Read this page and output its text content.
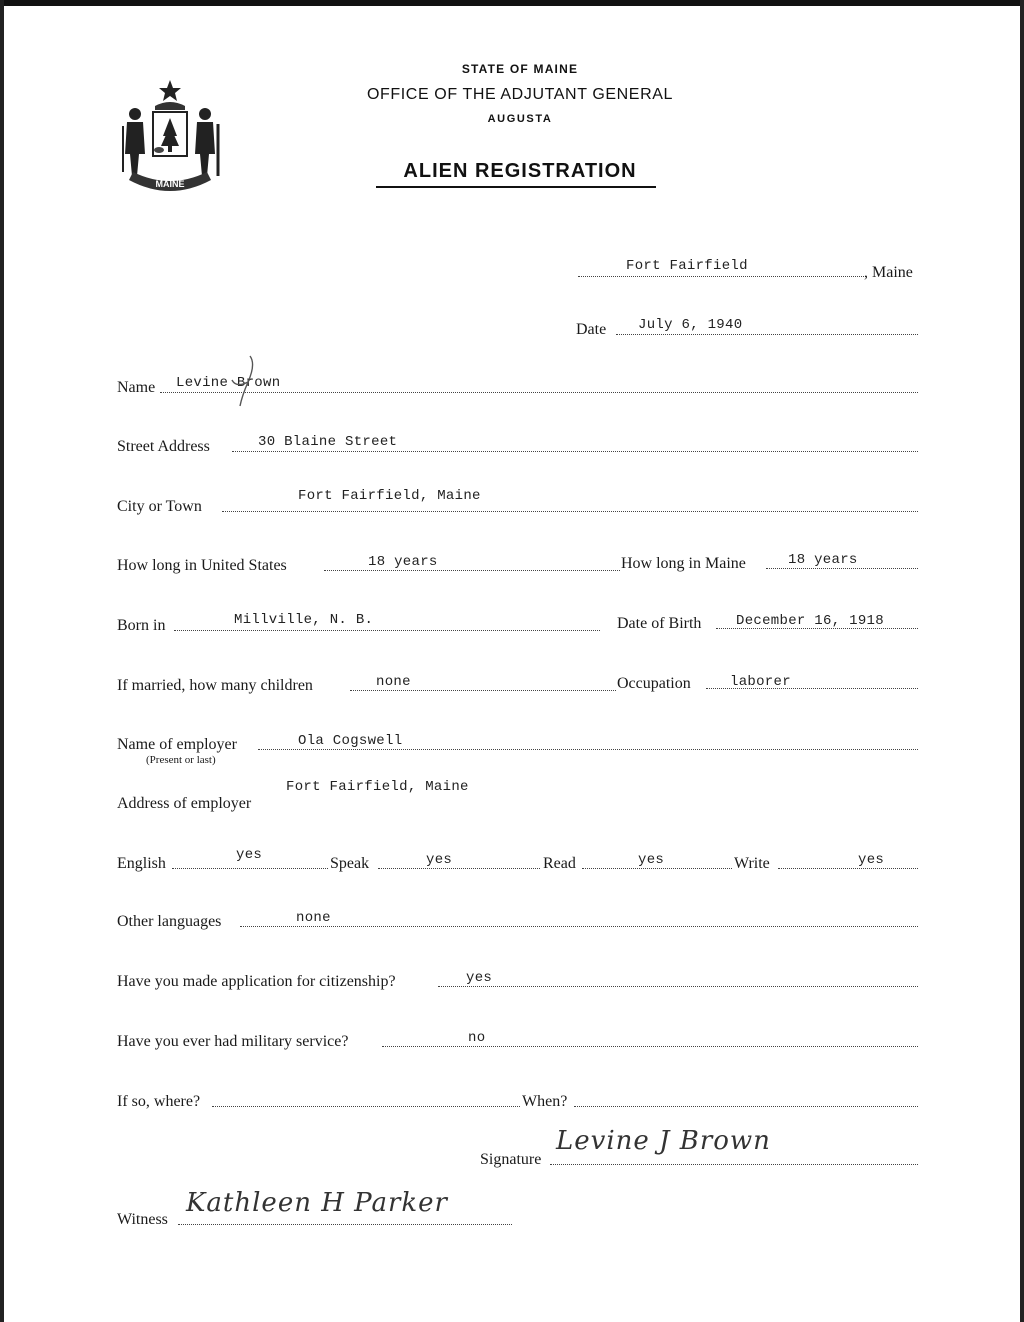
MAINE
STATE OF MAINE
OFFICE OF THE ADJUTANT GENERAL
AUGUSTA
ALIEN REGISTRATION
Fort Fairfield	, Maine
Date July 6, 1940
Name Levine Brown
Street Address	30 Blaine Street
City or Town
Fort Fairfield, Maine
How long in United States	18 years	How long in Maine	18 years
Born in	Millville, N. B.	Date of Birth December 16, 1918
If married, how many children	none	Occupation	laborer
Name of employer
(Present or last)
Ola Cogswell
Address of employer
Fort Fairfield, Maine
English	yes	Speak	yes	Read	yes	Write	yes
Other languages	none
Have you made application for citizenship?	yes
Have you ever had military service?	no
If so, where?	When?
Signature
Levine J Brown
Witness
Kathleen H Parker
